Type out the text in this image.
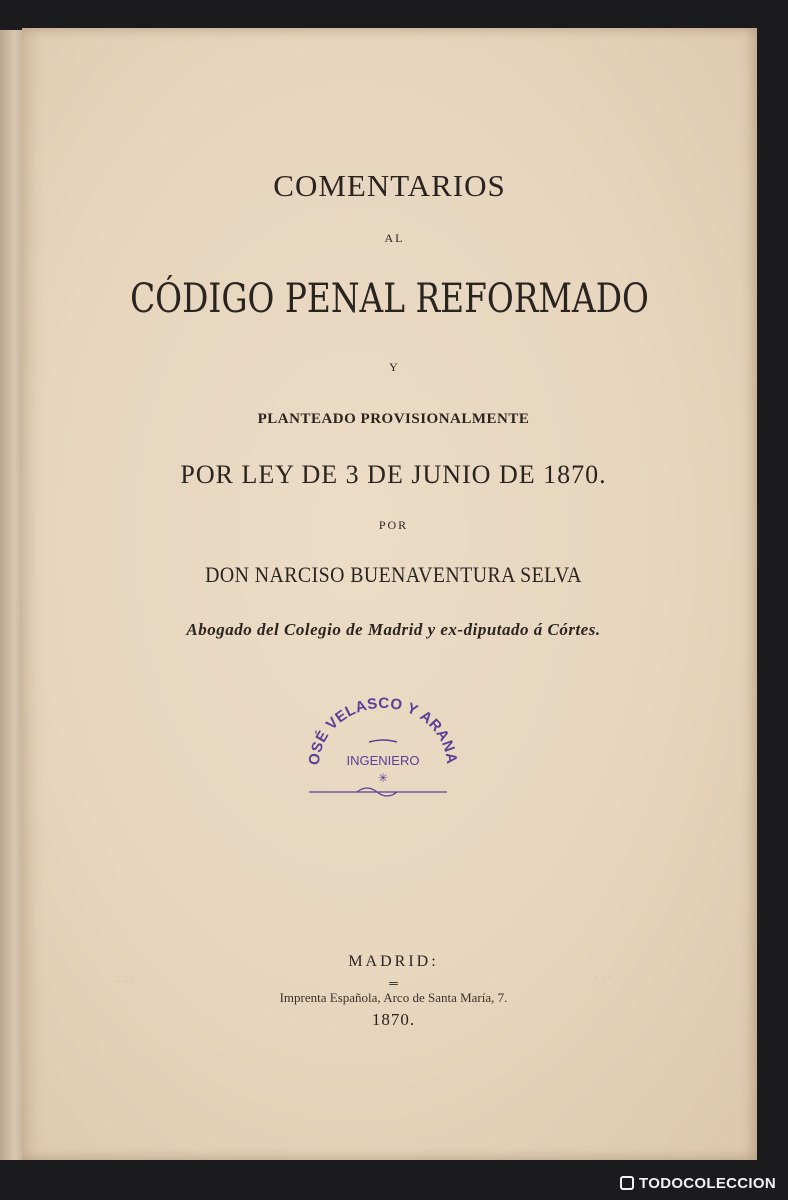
COMENTARIOS
AL
CÓDIGO PENAL REFORMADO
Y
PLANTEADO PROVISIONALMENTE
POR LEY DE 3 DE JUNIO DE 1870.
POR
DON NARCISO BUENAVENTURA SELVA
Abogado del Colegio de Madrid y ex-diputado á Córtes.
OSÉ VELASCO Y ARANA
INGENIERO
✳
MADRID:
═
Imprenta Española, Arco de Santa María, 7.
1870.
· · ·	· · ·
TODOCOLECCION
